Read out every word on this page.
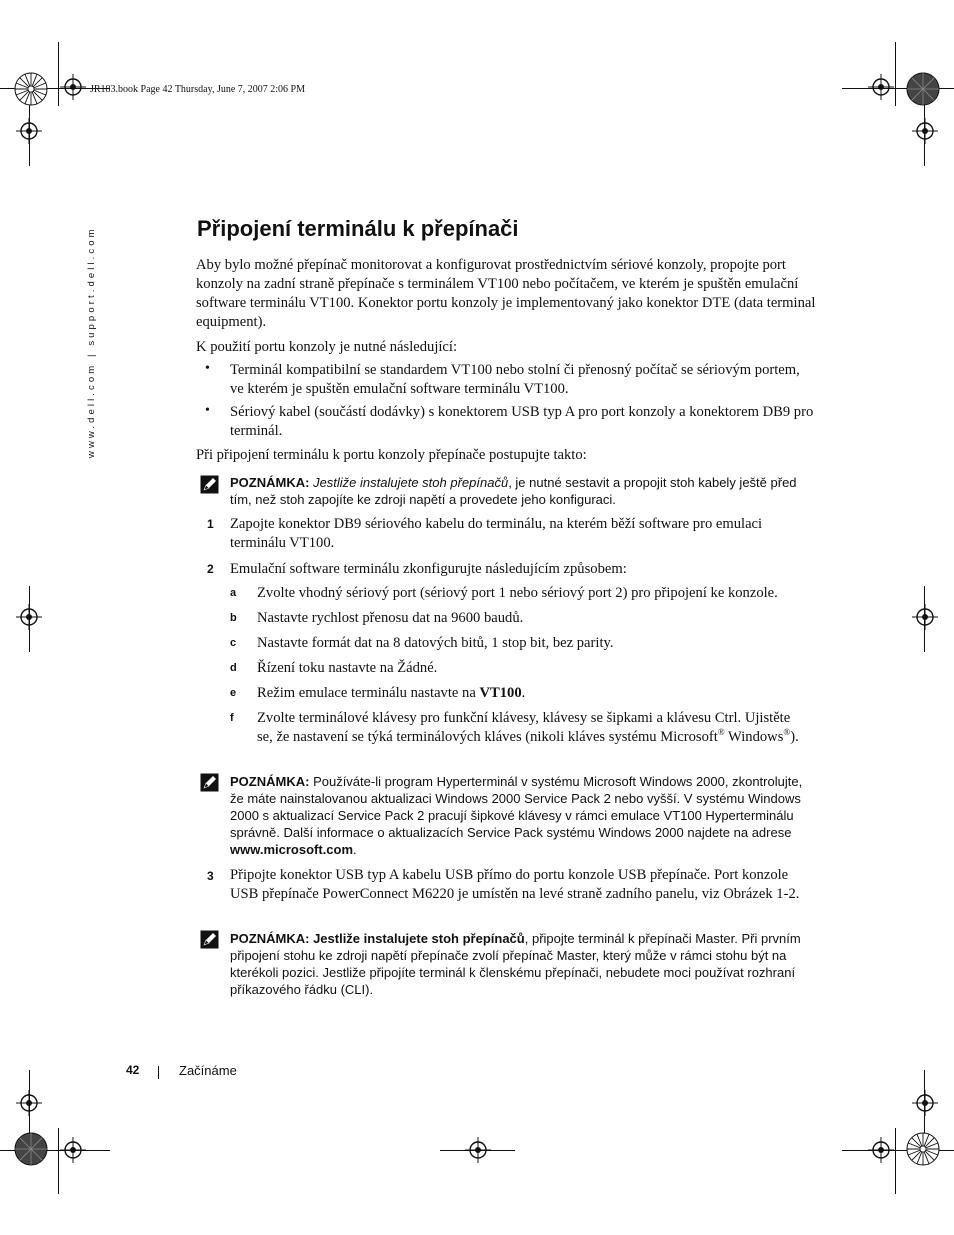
JR183.book Page 42 Thursday, June 7, 2007 2:06 PM
www.dell.com | support.dell.com	Připojení terminálu k přepínači
Aby bylo možné přepínač monitorovat a konfigurovat prostřednictvím sériové konzoly, propojte port konzoly na zadní straně přepínače s terminálem VT100 nebo počítačem, ve kterém je spuštěn emulační software terminálu VT100. Konektor portu konzoly je implementovaný jako konektor DTE (data terminal equipment).
K použití portu konzoly je nutné následující:
• Terminál kompatibilní se standardem VT100 nebo stolní či přenosný počítač se sériovým portem, ve kterém je spuštěn emulační software terminálu VT100.
• Sériový kabel (součástí dodávky) s konektorem USB typ A pro port konzoly a konektorem DB9 pro terminál.
Při připojení terminálu k portu konzoly přepínače postupujte takto:
POZNÁMKA: Jestliže instalujete stoh přepínačů, je nutné sestavit a propojit stoh kabely ještě před tím, než stoh zapojíte ke zdroji napětí a provedete jeho konfiguraci.
1 Zapojte konektor DB9 sériového kabelu do terminálu, na kterém běží software pro emulaci terminálu VT100.
2 Emulační software terminálu zkonfigurujte následujícím způsobem:
a Zvolte vhodný sériový port (sériový port 1 nebo sériový port 2) pro připojení ke konzole.
b Nastavte rychlost přenosu dat na 9600 baudů.
c Nastavte formát dat na 8 datových bitů, 1 stop bit, bez parity.
d Řízení toku nastavte na Žádné.
e Režim emulace terminálu nastavte na VT100.
f Zvolte terminálové klávesy pro funkční klávesy, klávesy se šipkami a klávesu Ctrl. Ujistěte se, že nastavení se týká terminálových kláves (nikoli kláves systému Microsoft® Windows®).
POZNÁMKA: Používáte-li program Hyperterminál v systému Microsoft Windows 2000, zkontrolujte, že máte nainstalovanou aktualizaci Windows 2000 Service Pack 2 nebo vyšší. V systému Windows 2000 s aktualizací Service Pack 2 pracují šipkové klávesy v rámci emulace VT100 Hyperterminálu správně. Další informace o aktualizacích Service Pack systému Windows 2000 najdete na adrese www.microsoft.com.
3 Připojte konektor USB typ A kabelu USB přímo do portu konzole USB přepínače. Port konzole USB přepínače PowerConnect M6220 je umístěn na levé straně zadního panelu, viz Obrázek 1-2.
POZNÁMKA: Jestliže instalujete stoh přepínačů, připojte terminál k přepínači Master. Při prvním připojení stohu ke zdroji napětí přepínače zvolí přepínač Master, který může v rámci stohu být na kterékoli pozici. Jestliže připojíte terminál k členskému přepínači, nebudete moci používat rozhraní příkazového řádku (CLI).
42	Začínáme
